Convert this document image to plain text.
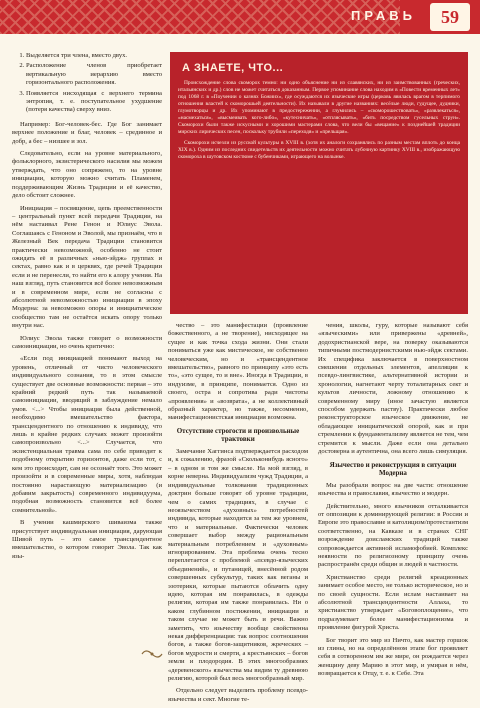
ПРАВЬ	59
1. Выделяется три члена, вместо двух.
2. Расположение членов приобретает вертикальную иерархию вместо горизонтального расположения.
3. Появляется нисходящая с верхнего термина энтропия, т. е. поступательное ухудшение (потеря качества) сверху вниз.

Например: Бог-человек-бес. Где Бог занимает верхнее положение и благ, человек – срединное и добр, а бес – низшее и зол.

Следовательно, если на уровне материального, фольклорного, экзистерического насилия мы можем утверждать, что оно сопряжено, то на уровне инициации, которую можно считать Пламенем, поддерживающим Жизнь Традиции и её качество, дело обстоит сложнее.

Инициация – посвящение, цепь преемственности – центральный пункт всей передачи Традиции, на нём настаивал Рене Генон и Юлиус Эвола. Соглашаясь с Геноном и Эволой, мы признаём, что в Железный Век передача Традиции становится практически невозможной, особенно не стоит ожидать её в различных «нью-эйдж» группах и сектах, равно как и в церквях, где речей Традиции если и не перенесли, то найти его к алору учения. На наш взгляд, путь становится всё более невозможным и в современном мире, если не согласны с абсолютной невозможностью инициации в эпоху Модерна: за невозможно опоры и инициатическое сообщество там не остаётся искать опору только внутри нас.

Юлиус Эвола также говорит о возможности самоинициации, но очень критично:

«Если под инициацией понимают выход на уровень, отличный от чисто человеческого индивидуального сознания, то в этом смысле существует две основные возможности: первая – это крайний редкий путь так называемой самоинициации, вводящий в заблуждение немало умов. <...> Чтобы инициация была действенной, необходимо вмешательство фактора, трансцендентного по отношению к индивиду, что лишь в крайне редких случаях может произойти самопроизвольно <...> Случается, что экзистенциальная травма сама по себе приводит к подобному открытию горизонтов, даже если тот, с кем это происходит, сам не осознаёт того. Это может произойти и в современные миры, хотя, наблюдая постоянно нарастающую материализацию (и добавим закрытость) современного индивидуума, подобная возможность становится всё более сомнительной».

В учении кашмирского шиваизма также присутствует индивидуальная инициация, дарующая Шивой путь – это самое трансцендентное вмешательство, о котором говорит Эвола. Так как язы-

А ЗНАЕТЕ, ЧТО...

Происхождение слова скоморох темно: ни одно объяснение ни из славянских, ни из заимствованных (греческих, итальянских и др.) слов не может считаться доказанным. Первое упоминание слова находим в «Повести временных лет» под 1068 г. в «Поучении о казнях Божиих», где осуждаются их языческие игры (церковь явилась врагом в терпимого отношения властей к скоморошьей деятельности). Их называли в другие названиях: весёлые люди, гудущее, дудники, глумотворцы и др. Их упоминают в предостережении, а глумились – «скоморошествовать», «развлекаться», «насмехаться», «высмеивать кого-либо», «кутесничать», «отплясывать», «бить посредством гусельных струн». Скоморохи были также искусными и хорошими мастерами слова, что вели бы «вещание» к позднейшей традиции мирских лирических песен, поскольку трубили «переходя» и «прельщая».

Скоморохи исчезли из русской культуры в XVIII в. (хотя их аналоги сохранялись по разным местам вплоть до конца XIX в.). Одним из последних свидетельств их деятельности можно считать лубочную картинку XVIII в., изображающую скомороха в шутовском костюме с бубенчиками, играющего на волынке.

чество – это манифестации (проявление божественного, а не творение), нисходящее на сущее и как точка схода жизни. Они стали пониматься уже как мистическое, не собственно человеческим, но и «трансцендентное вмешательство», равного по принципу «это есть то», «это сущее, то и вне». Иногда в Традиции, в индуизме, в принципе, понимается. Одно из своего, остра и сопротива ради чистоты «проявления» и «возврата», а не коллективный образный характер, но также, несомненно, манифестационистская инициация возможна.

Отсутствие строгости и произвольные трактовки

Замечание Хаггинса подтверждается расходом и, к сожалению, фразой «Скольконибудь ясного» – в одном и том же смысле. На мой взгляд, в корне неверна. Индивидуализм чужд Традиции, а индивидуальные толкования традиционных доктрин больше говорят об уровне традиции, чем о самих традициях, в случае с неоязычеством «духовных» потребностей индивида, которые находится за тем же уровнем, что и материальные. Фактически человек совершает выбор между рациональным материальным потреблением и «духовным» игнорированием. Эта проблема очень тесно переплетается с проблемой «псевдо-языческих объединений», и путаницей, внесённой родом совершенных субкультур, таких как веганы и эзотерики, которые пытаются облачить одну идею, которая им понравилась, в одежды религии, которая им также понравилась. Ни о каком глубинном постижении, инициации и таком случае не может быть и речи. Важно заметить, что язычеству вообще свойственна некая дифференциация: так вопрос соотношения богов, а также богов-защитников, жреческих – богов мудрости и смерти, а крестьянских – богов земли и плодородия. В этих многообразиях «деревенского» язычества мы видим ту древнюю религию, которой был весь многообразный мир.

Отдельно следует выделить проблему псевдо-язычества и сект. Многие те-

чения, школы, гуру, которые называют себя «языческими» или привержены «древней», додохристианской вере, на поверку оказываются типичными постмодернистскими нью-эйдж сектами. Их специфика заключается в поверхностном смешении отдельных элементов, апелляции к псевдо-лингвистике, альтернативной истории и хронологии, нагнетают черту тоталитарных сект и культов личности, ложному отношению к современному миру (иное зачастую является способом удержать паству). Практически любое реконструкторское языческое движение, не обладающее инициатической опорой, как и при стремлении к фундаментализму является не тем, чем стремится к мысли. Даже если она детально достоверна и аутентична, она всего лишь симуляция.

Язычество и реконструкция в ситуации Модерна

Мы разобрали вопрос на две части: отношение язычества и православия, язычество и модерн.

Действительно, много язычников отталкивается от оппозиции к доминирующей религии: в России и Европе это православие и католицизм/протестантизм соответственно, на Кавказе и в странах СНГ возрождение доисламских традиций также сопровождается активной исламофобией. Комплекс неявности по религиозному принципу очень распространён среди общин и людей в частности.

Христианство среди религий креационных занимает особое место, не только историческое, но и по своей сущности. Если ислам настаивает на абсолютной трансцендентности Аллаха, то христианство утверждает «Боговоплощение», что подразумевает более манифестационизма и проявление фигурой Христа.

Бог творит это мир из Ничто, как мастер горшок из глины, но на определённом этапе бог проявляет себя в сотворенном им же мире, он рождается через женщину деву Марию в этот мир, и умирая в нём, возвращается к Отцу, т. е. к Себе. Эта
